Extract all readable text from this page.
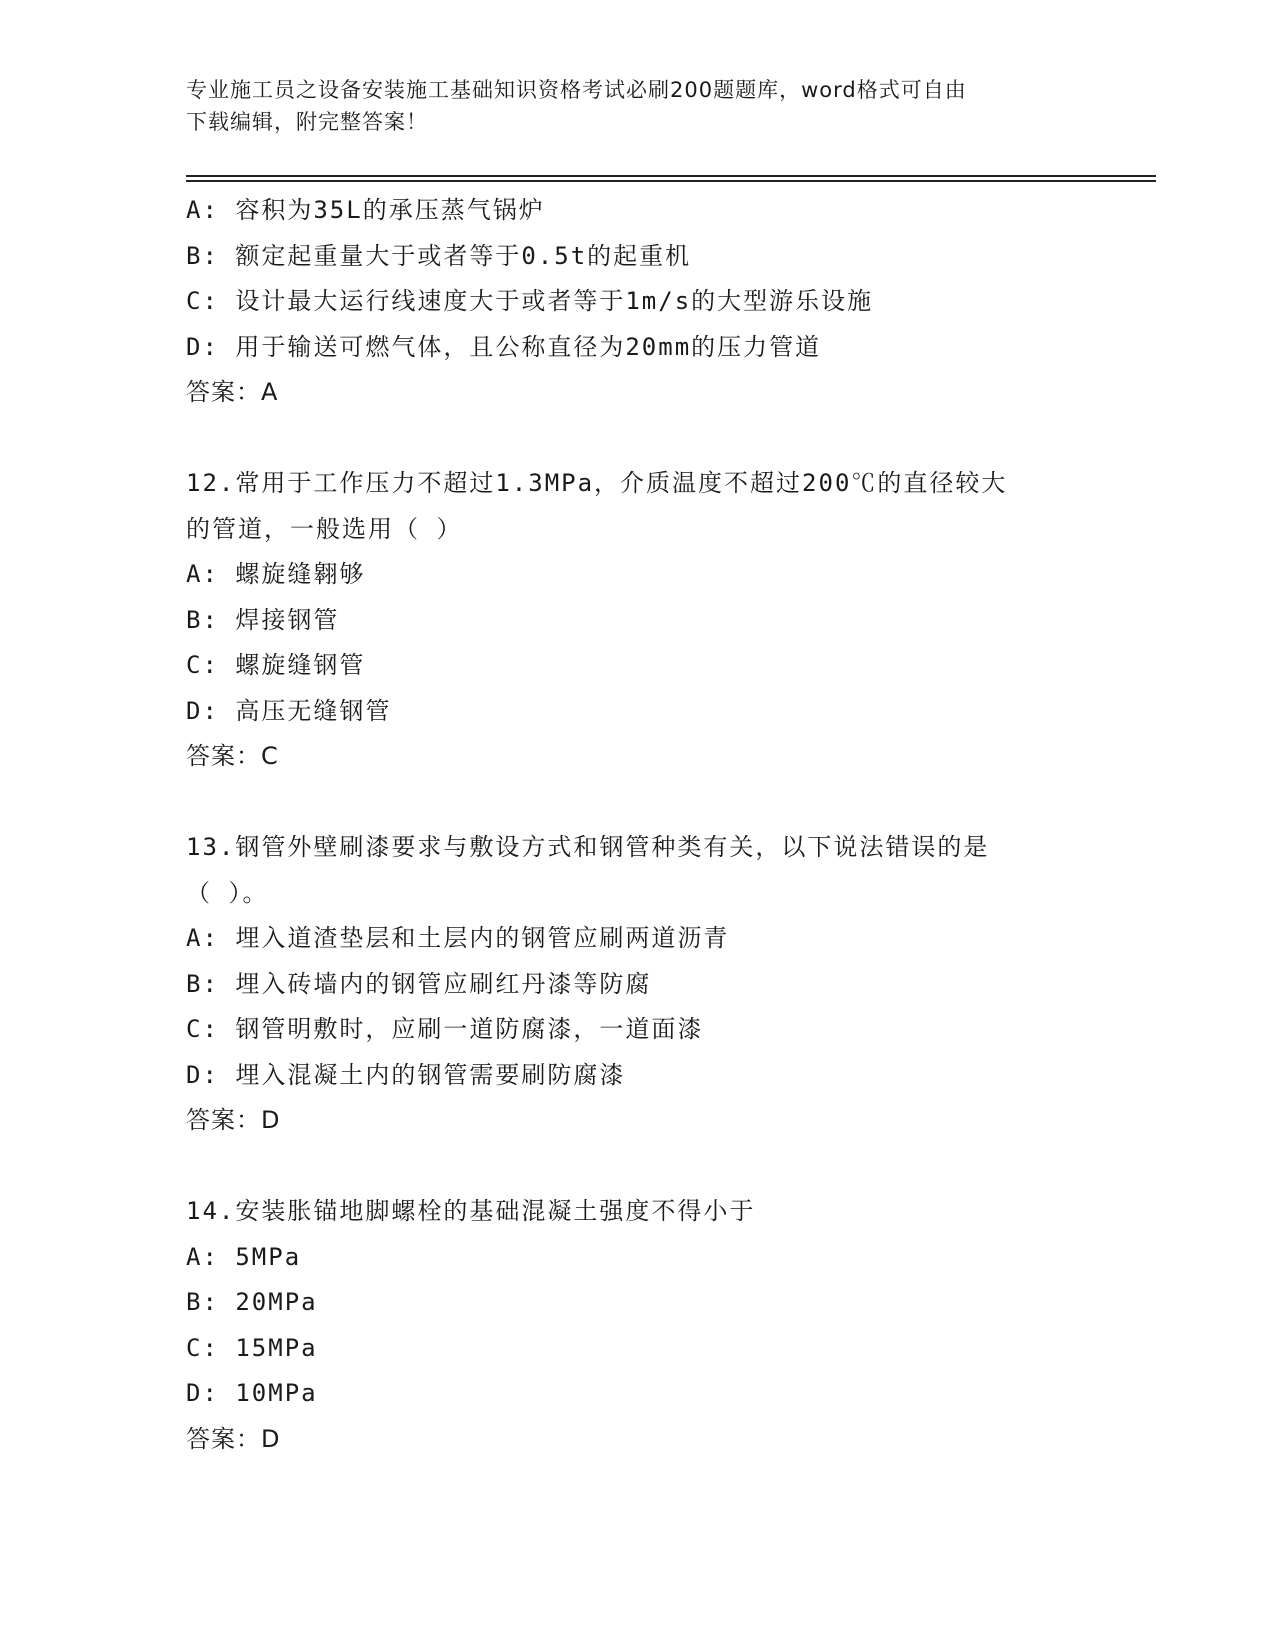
专业施工员之设备安装施工基础知识资格考试必刷200题题库，word格式可自由
下载编辑，附完整答案！
A: 容积为35L的承压蒸气锅炉
B: 额定起重量大于或者等于0.5t的起重机
C: 设计最大运行线速度大于或者等于1m/s的大型游乐设施
D: 用于输送可燃气体，且公称直径为20mm的压力管道
答案：A
12.常用于工作压力不超过1.3MPa，介质温度不超过200℃的直径较大
的管道，一般选用（ ）
A: 螺旋缝翱够
B: 焊接钢管
C: 螺旋缝钢管
D: 高压无缝钢管
答案：C
13.钢管外壁刷漆要求与敷设方式和钢管种类有关，以下说法错误的是
（ ）。
A: 埋入道渣垫层和土层内的钢管应刷两道沥青
B: 埋入砖墙内的钢管应刷红丹漆等防腐
C: 钢管明敷时，应刷一道防腐漆，一道面漆
D: 埋入混凝土内的钢管需要刷防腐漆
答案：D
14.安装胀锚地脚螺栓的基础混凝土强度不得小于
A: 5MPa
B: 20MPa
C: 15MPa
D: 10MPa
答案：D
